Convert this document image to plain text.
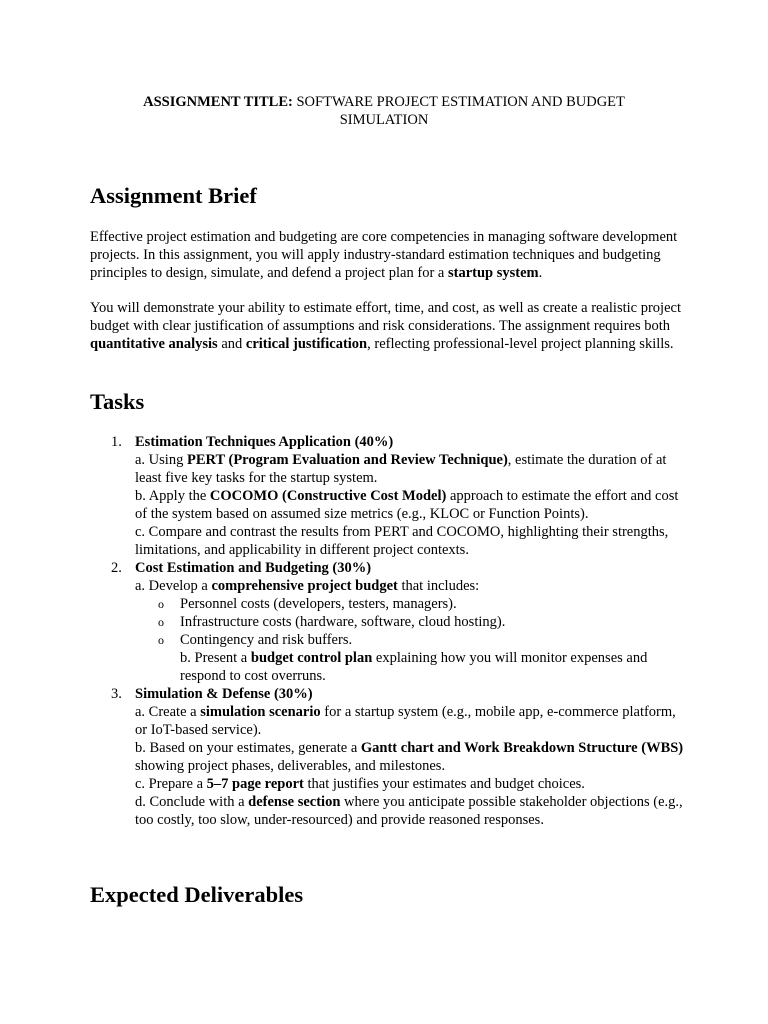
ASSIGNMENT TITLE: SOFTWARE PROJECT ESTIMATION AND BUDGET SIMULATION
Assignment Brief

Effective project estimation and budgeting are core competencies in managing software development projects. In this assignment, you will apply industry-standard estimation techniques and budgeting principles to design, simulate, and defend a project plan for a startup system.

You will demonstrate your ability to estimate effort, time, and cost, as well as create a realistic project budget with clear justification of assumptions and risk considerations. The assignment requires both quantitative analysis and critical justification, reflecting professional-level project planning skills.

Tasks
1. Estimation Techniques Application (40%)
a. Using PERT (Program Evaluation and Review Technique), estimate the duration of at least five key tasks for the startup system.
b. Apply the COCOMO (Constructive Cost Model) approach to estimate the effort and cost of the system based on assumed size metrics (e.g., KLOC or Function Points).
c. Compare and contrast the results from PERT and COCOMO, highlighting their strengths, limitations, and applicability in different project contexts.
2. Cost Estimation and Budgeting (30%)
a. Develop a comprehensive project budget that includes:
o Personnel costs (developers, testers, managers).
o Infrastructure costs (hardware, software, cloud hosting).
o Contingency and risk buffers.
b. Present a budget control plan explaining how you will monitor expenses and respond to cost overruns.
3. Simulation & Defense (30%)
a. Create a simulation scenario for a startup system (e.g., mobile app, e-commerce platform, or IoT-based service).
b. Based on your estimates, generate a Gantt chart and Work Breakdown Structure (WBS) showing project phases, deliverables, and milestones.
c. Prepare a 5–7 page report that justifies your estimates and budget choices.
d. Conclude with a defense section where you anticipate possible stakeholder objections (e.g., too costly, too slow, under-resourced) and provide reasoned responses.
Expected Deliverables
